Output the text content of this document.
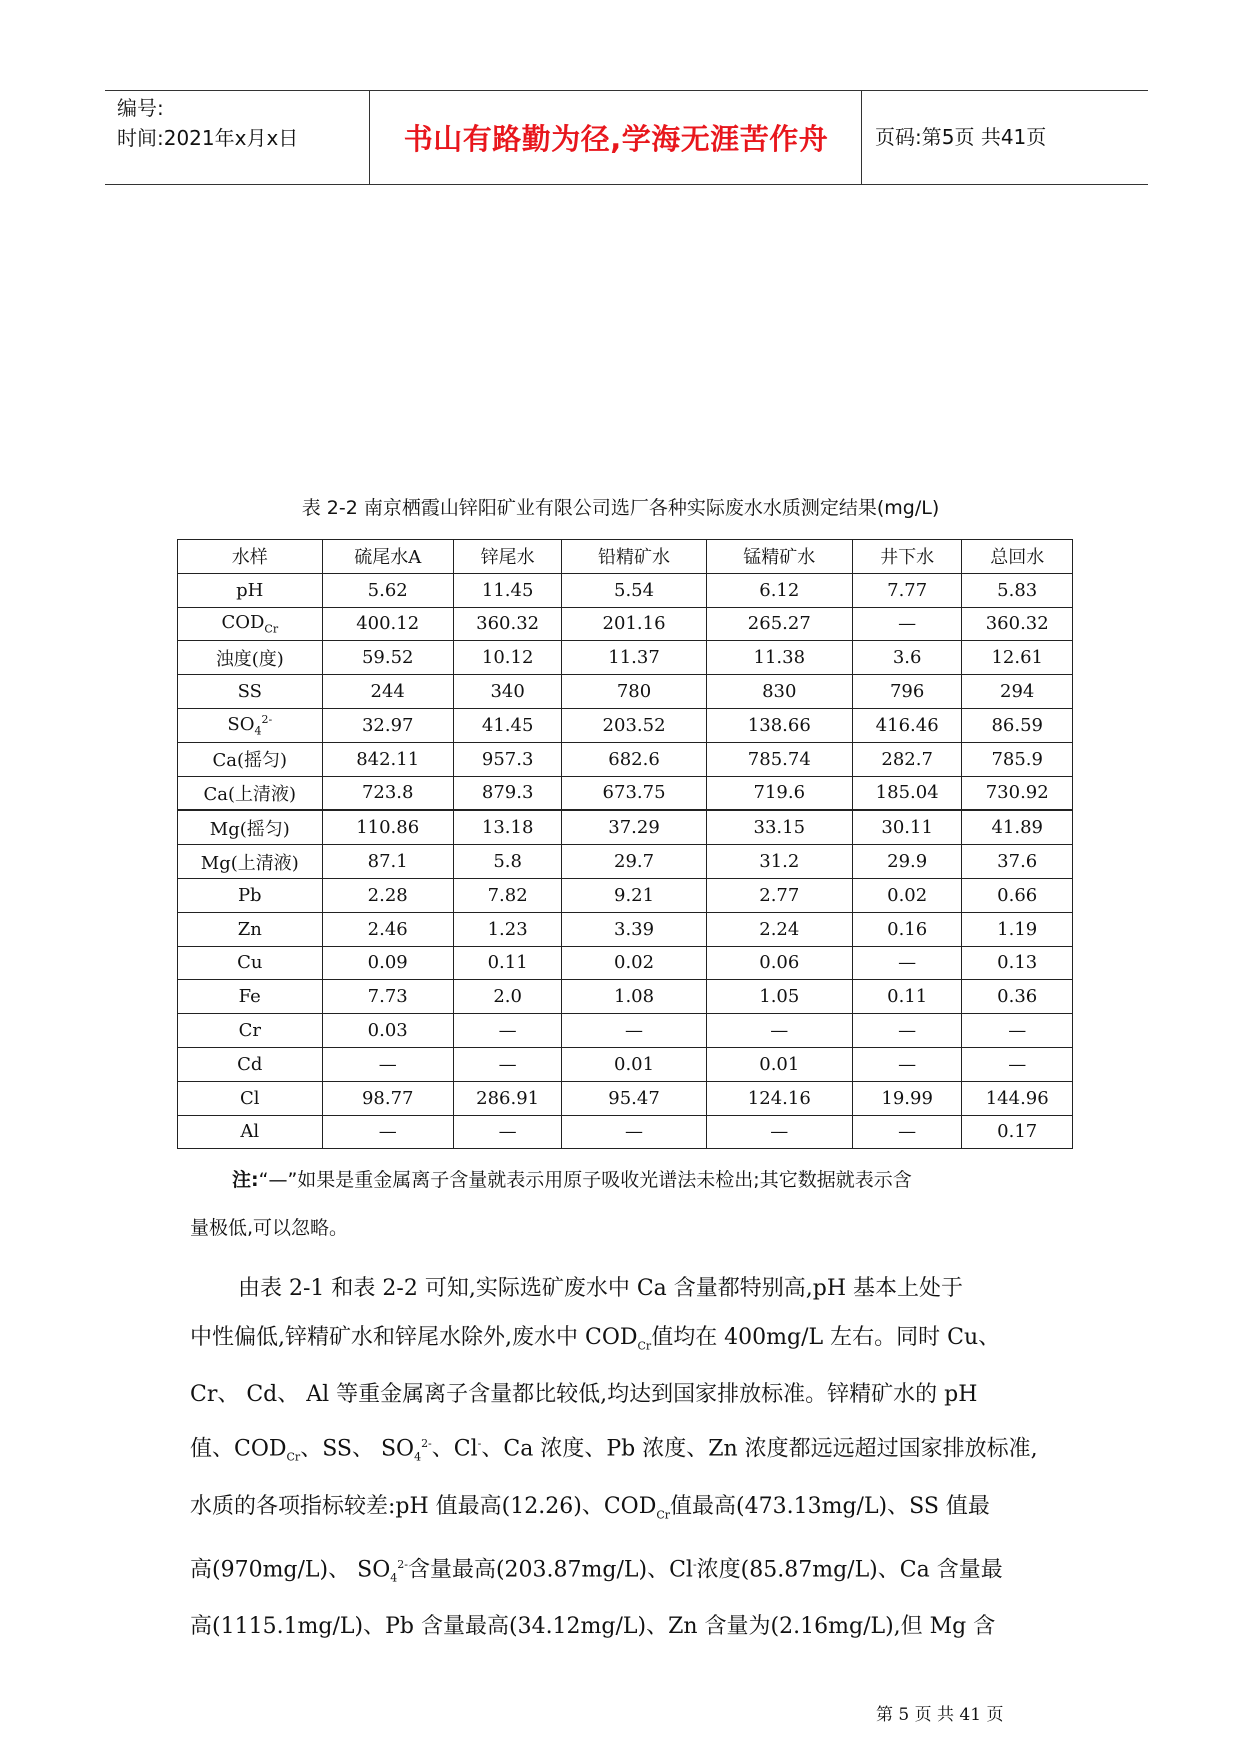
编号:
时间:2021年x月x日	书山有路勤为径,学海无涯苦作舟	页码:第5页 共41页
表 2-2 南京栖霞山锌阳矿业有限公司选厂各种实际废水水质测定结果(mg/L)
水样	硫尾水A	锌尾水	铅精矿水	锰精矿水	井下水	总回水
pH	5.62	11.45	5.54	6.12	7.77	5.83
$COD_{Cr}$	400.12	360.32	201.16	265.27	—	360.32
浊度(度)	59.52	10.12	11.37	11.38	3.6	12.61
SS	244	340	780	830	796	294
$SO_4^{2-}$	32.97	41.45	203.52	138.66	416.46	86.59
Ca(摇匀)	842.11	957.3	682.6	785.74	282.7	785.9
Ca(上清液)	723.8	879.3	673.75	719.6	185.04	730.92
Mg(摇匀)	110.86	13.18	37.29	33.15	30.11	41.89
Mg(上清液)	87.1	5.8	29.7	31.2	29.9	37.6
Pb	2.28	7.82	9.21	2.77	0.02	0.66
Zn	2.46	1.23	3.39	2.24	0.16	1.19
Cu	0.09	0.11	0.02	0.06	—	0.13
Fe	7.73	2.0	1.08	1.05	0.11	0.36
Cr	0.03	—	—	—	—	—
Cd	—	—	0.01	0.01	—	—
Cl	98.77	286.91	95.47	124.16	19.99	144.96
Al	—	—	—	—	—	0.17
注:“—”如果是重金属离子含量就表示用原子吸收光谱法未检出;其它数据就表示含
量极低,可以忽略。
由表 2-1 和表 2-2 可知,实际选矿废水中 Ca 含量都特别高,pH 基本上处于
中性偏低,锌精矿水和锌尾水除外,废水中 $COD_{Cr}$值均在 400mg/L 左右。同时 Cu、
Cr、 Cd、 Al 等重金属离子含量都比较低,均达到国家排放标准。锌精矿水的 pH
值、$COD_{Cr}$、SS、 $SO_4^{2-}$、Cl-、Ca 浓度、Pb 浓度、Zn 浓度都远远超过国家排放标准,
水质的各项指标较差:pH 值最高(12.26)、$COD_{Cr}$值最高(473.13mg/L)、SS 值最
高(970mg/L)、 $SO_4^{2-}$含量最高(203.87mg/L)、Cl-浓度(85.87mg/L)、Ca 含量最
高(1115.1mg/L)、Pb 含量最高(34.12mg/L)、Zn 含量为(2.16mg/L),但 Mg 含
第 5 页 共 41 页
